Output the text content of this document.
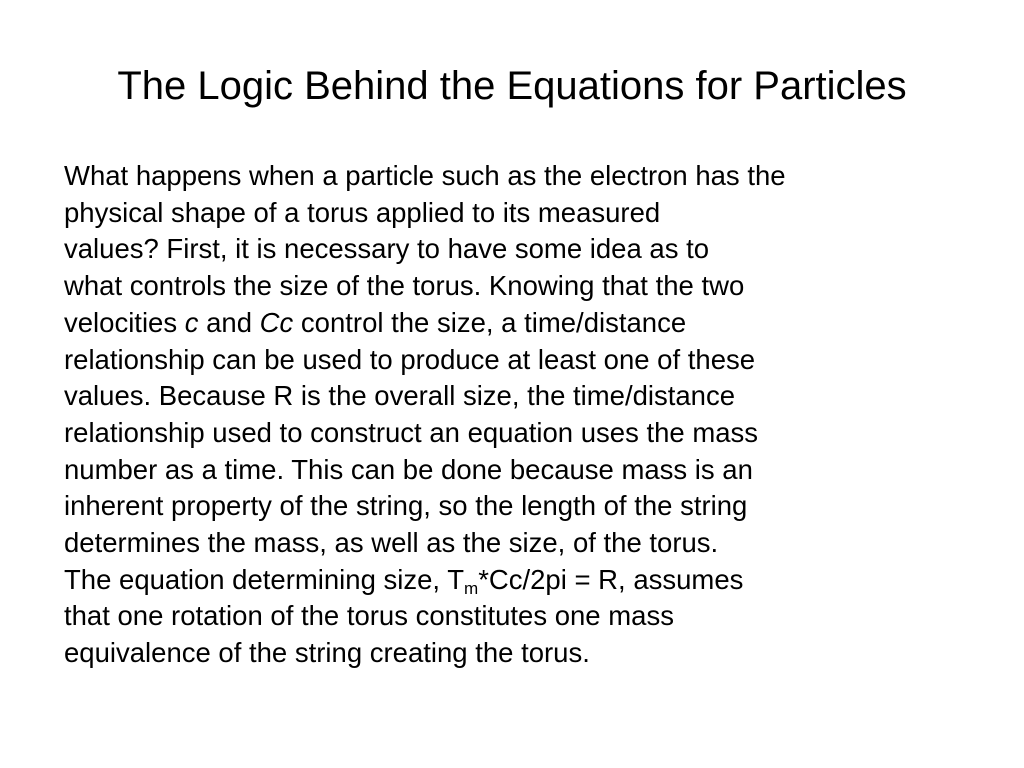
The Logic Behind the Equations for Particles
What happens when a particle such as the electron has the
physical shape of a torus applied to its measured
values? First, it is necessary to have some idea as to
what controls the size of the torus. Knowing that the two
velocities c and Cc control the size, a time/distance
relationship can be used to produce at least one of these
values. Because R is the overall size, the time/distance
relationship used to construct an equation uses the mass
number as a time. This can be done because mass is an
inherent property of the string, so the length of the string
determines the mass, as well as the size, of the torus.
The equation determining size, $T_m*Cc/2pi = R$, assumes
that one rotation of the torus constitutes one mass
equivalence of the string creating the torus.
